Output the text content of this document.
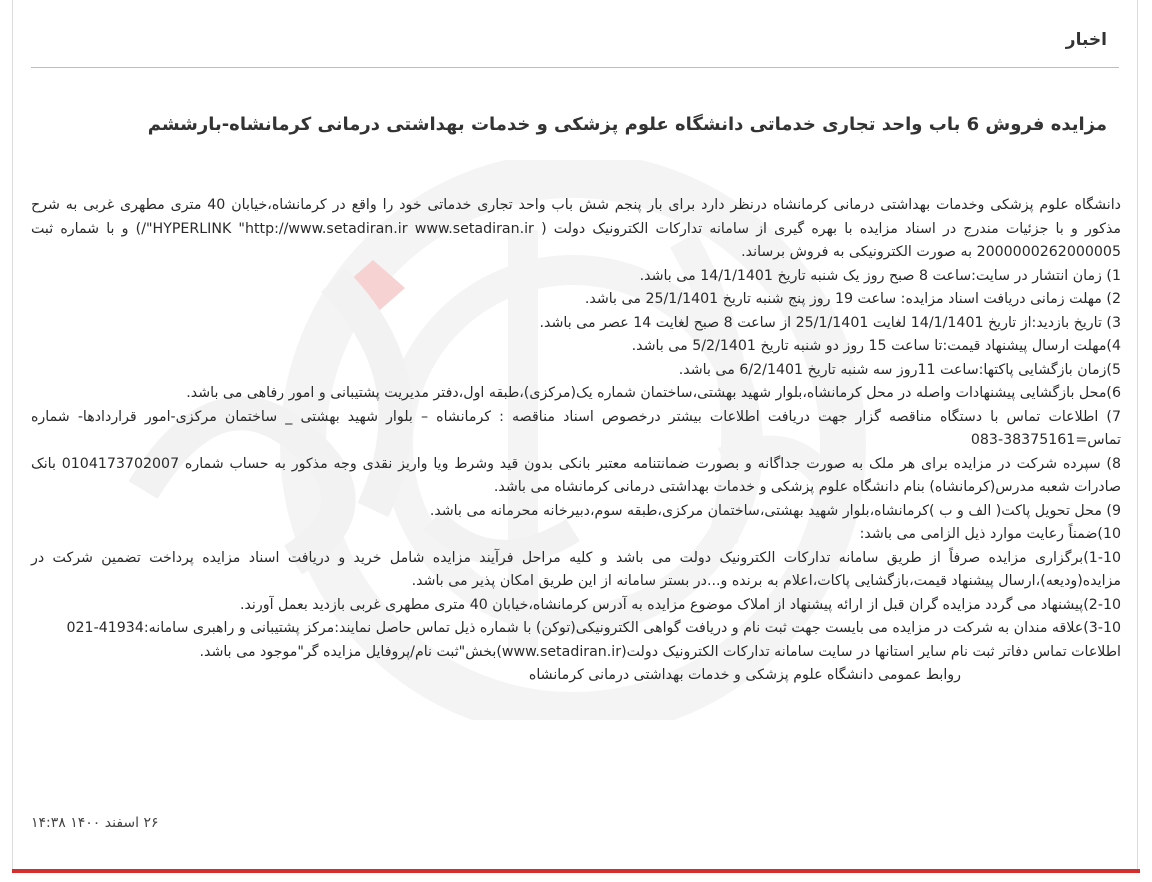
اخبار
مزایده فروش 6 باب واحد تجاری خدماتی دانشگاه علوم پزشکی و خدمات بهداشتی درمانی کرمانشاه-بارششم

دانشگاه علوم پزشکی وخدمات بهداشتی درمانی کرمانشاه درنظر دارد برای بار پنجم شش باب واحد تجاری خدماتی خود را واقع در کرمانشاه،خیابان 40 متری مطهری غربی به شرح مذکور و با جزئیات مندرج در اسناد مزایده با بهره گیری از سامانه تدارکات الکترونیک دولت ( HYPERLINK "http://www.setadiran.ir www.setadiran.ir"/) و با شماره ثبت 2000000262000005 به صورت الکترونیکی به فروش برساند.

1) زمان انتشار در سایت:ساعت 8 صبح روز یک شنبه تاریخ 14/1/1401 می باشد.

2) مهلت زمانی دریافت اسناد مزایده: ساعت 19 روز پنج شنبه تاریخ 25/1/1401 می باشد.

3) تاریخ بازدید:از تاریخ 14/1/1401 لغایت 25/1/1401 از ساعت 8 صبح لغایت 14 عصر می باشد.

4)مهلت ارسال پیشنهاد قیمت:تا ساعت 15 روز دو شنبه تاریخ 5/2/1401 می باشد.

5)زمان بازگشایی پاکتها:ساعت 11روز سه شنبه تاریخ 6/2/1401 می باشد.

6)محل بازگشایی پیشنهادات واصله در محل کرمانشاه،بلوار شهید بهشتی،ساختمان شماره یک(مرکزی)،طبقه اول،دفتر مدیریت پشتیبانی و امور رفاهی می باشد.

7) اطلاعات تماس با دستگاه مناقصه گزار جهت دریافت اطلاعات بیشتر درخصوص اسناد مناقصه : کرمانشاه – بلوار شهید بهشتی _ ساختمان مرکزی-امور قراردادها- شماره تماس=38375161-083

8) سپرده شرکت در مزایده برای هر ملک به صورت جداگانه و بصورت ضمانتنامه معتبر بانکی بدون قید وشرط ویا واریز نقدی وجه مذکور به حساب شماره 0104173702007 بانک صادرات شعبه مدرس(کرمانشاه) بنام دانشگاه علوم پزشکی و خدمات بهداشتی درمانی کرمانشاه می باشد.

9) محل تحویل پاکت( الف و ب )کرمانشاه،بلوار شهید بهشتی،ساختمان مرکزی،طبقه سوم،دبیرخانه محرمانه می باشد.

10)ضمناً رعایت موارد ذیل الزامی می باشد:

1-10)برگزاری مزایده صرفاً از طریق سامانه تدارکات الکترونیک دولت می باشد و کلیه مراحل فرآیند مزایده شامل خرید و دریافت اسناد مزایده پرداخت تضمین شرکت در مزایده(ودیعه)،ارسال پیشنهاد قیمت،بازگشایی پاکات،اعلام به برنده و...در بستر سامانه از این طریق امکان پذیر می باشد.

2-10)پیشنهاد می گردد مزایده گران قبل از ارائه پیشنهاد از املاک موضوع مزایده به آدرس کرمانشاه،خیابان 40 متری مطهری غربی بازدید بعمل آورند.

3-10)علاقه مندان به شرکت در مزایده می بایست جهت ثبت نام و دریافت گواهی الکترونیکی(توکن) با شماره ذیل تماس حاصل نمایند:مرکز پشتیبانی و راهبری سامانه:41934-021

اطلاعات تماس دفاتر ثبت نام سایر استانها در سایت سامانه تدارکات الکترونیک دولت(www.setadiran.ir)بخش"ثبت نام/پروفایل مزایده گر"موجود می باشد.

روابط عمومی دانشگاه علوم پزشکی و خدمات بهداشتی درمانی کرمانشاه

۲۶ اسفند ۱۴۰۰ ۱۴:۳۸
